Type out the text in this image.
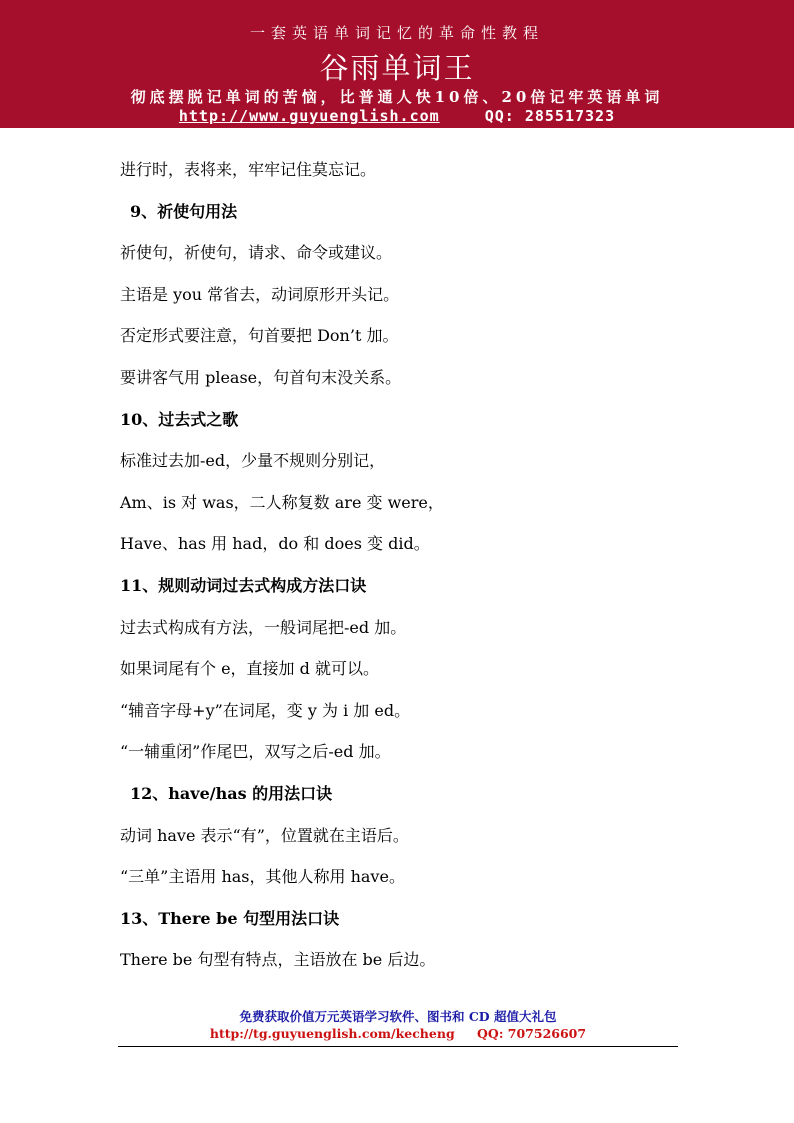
一套英语单词记忆的革命性教程
谷雨单词王
彻底摆脱记单词的苦恼，比普通人快10倍、20倍记牢英语单词
http://www.guyuenglish.com	QQ: 285517323
进行时，表将来，牢牢记住莫忘记。
9、祈使句用法
祈使句，祈使句，请求、命令或建议。
主语是 you 常省去，动词原形开头记。
否定形式要注意，句首要把 Don’t 加。
要讲客气用 please，句首句末没关系。
10、过去式之歌
标准过去加-ed，少量不规则分别记，
Am、is 对 was，二人称复数 are 变 were，
Have、has 用 had，do 和 does 变 did。
11、规则动词过去式构成方法口诀
过去式构成有方法，一般词尾把-ed 加。
如果词尾有个 e，直接加 d 就可以。
“辅音字母+y”在词尾，变 y 为 i 加 ed。
“一辅重闭”作尾巴，双写之后-ed 加。
12、have/has 的用法口诀
动词 have 表示“有”，位置就在主语后。
“三单”主语用 has，其他人称用 have。
13、There be 句型用法口诀
There be 句型有特点，主语放在 be 后边。
免费获取价值万元英语学习软件、图书和 CD 超值大礼包
http://tg.guyuenglish.com/kecheng QQ: 707526607
